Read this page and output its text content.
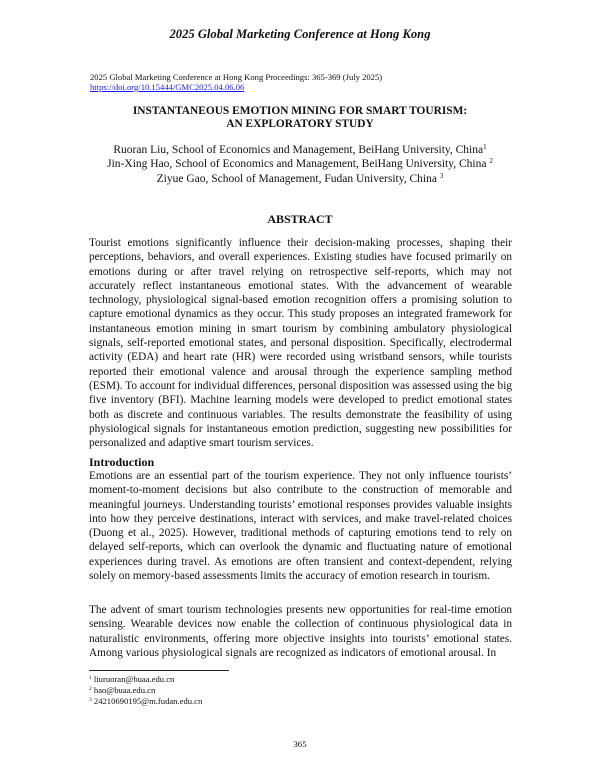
2025 Global Marketing Conference at Hong Kong
2025 Global Marketing Conference at Hong Kong Proceedings: 365-369 (July 2025)
https://doi.org/10.15444/GMC2025.04.06.06
INSTANTANEOUS EMOTION MINING FOR SMART TOURISM:
AN EXPLORATORY STUDY
Ruoran Liu, School of Economics and Management, BeiHang University, China$^1$
Jin-Xing Hao, School of Economics and Management, BeiHang University, China $^2$
Ziyue Gao, School of Management, Fudan University, China $^3$
ABSTRACT
Tourist emotions significantly influence their decision-making processes, shaping their perceptions, behaviors, and overall experiences. Existing studies have focused primarily on emotions during or after travel relying on retrospective self-reports, which may not accurately reflect instantaneous emotional states. With the advancement of wearable technology, physiological signal-based emotion recognition offers a promising solution to capture emotional dynamics as they occur. This study proposes an integrated framework for instantaneous emotion mining in smart tourism by combining ambulatory physiological signals, self-reported emotional states, and personal disposition. Specifically, electrodermal activity (EDA) and heart rate (HR) were recorded using wristband sensors, while tourists reported their emotional valence and arousal through the experience sampling method (ESM). To account for individual differences, personal disposition was assessed using the big five inventory (BFI). Machine learning models were developed to predict emotional states both as discrete and continuous variables. The results demonstrate the feasibility of using physiological signals for instantaneous emotion prediction, suggesting new possibilities for personalized and adaptive smart tourism services.
Introduction
Emotions are an essential part of the tourism experience. They not only influence tourists’ moment-to-moment decisions but also contribute to the construction of memorable and meaningful journeys. Understanding tourists’ emotional responses provides valuable insights into how they perceive destinations, interact with services, and make travel-related choices (Duong et al., 2025). However, traditional methods of capturing emotions tend to rely on delayed self-reports, which can overlook the dynamic and fluctuating nature of emotional experiences during travel. As emotions are often transient and context-dependent, relying solely on memory-based assessments limits the accuracy of emotion research in tourism.
The advent of smart tourism technologies presents new opportunities for real-time emotion sensing. Wearable devices now enable the collection of continuous physiological data in naturalistic environments, offering more objective insights into tourists’ emotional states. Among various physiological signals are recognized as indicators of emotional arousal. In
$^1$ liuruoran@buaa.edu.cn
$^2$ hao@buaa.edu.cn
$^3$ 24210690195@m.fudan.edu.cn
365
